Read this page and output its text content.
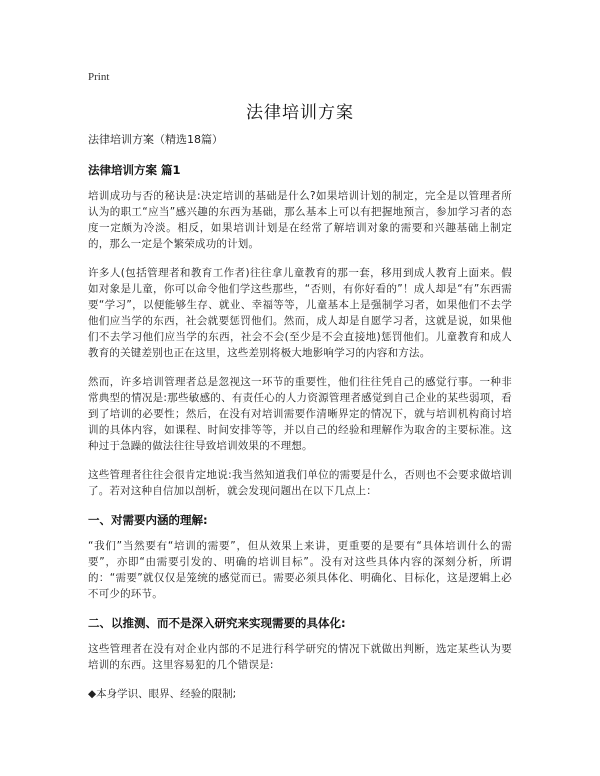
Print
法律培训方案

法律培训方案（精选18篇）

法律培训方案 篇1

培训成功与否的秘诀是:决定培训的基础是什么?如果培训计划的制定，完全是以管理者所认为的职工“应当”感兴趣的东西为基础，那么基本上可以有把握地预言，参加学习者的态度一定颇为冷淡。相反，如果培训计划是在经常了解培训对象的需要和兴趣基础上制定的，那么一定是个繁荣成功的计划。

许多人(包括管理者和教育工作者)往往拿儿童教育的那一套，移用到成人教育上面来。假如对象是儿童，你可以命令他们学这些那些，“否则，有你好看的”！成人却是“有”东西需要“学习”，以便能够生存、就业、幸福等等，儿童基本上是强制学习者，如果他们不去学他们应当学的东西，社会就要惩罚他们。然而，成人却是自愿学习者，这就是说，如果他们不去学习他们应当学的东西，社会不会(至少是不会直接地)惩罚他们。儿童教育和成人教育的关键差别也正在这里，这些差别将极大地影响学习的内容和方法。

然而，许多培训管理者总是忽视这一环节的重要性，他们往往凭自己的感觉行事。一种非常典型的情况是:那些敏感的、有责任心的人力资源管理者感觉到自己企业的某些弱项，看到了培训的必要性；然后，在没有对培训需要作清晰界定的情况下，就与培训机构商讨培训的具体内容，如课程、时间安排等等，并以自己的经验和理解作为取舍的主要标准。这种过于急躁的做法往往导致培训效果的不理想。

这些管理者往往会很肯定地说:我当然知道我们单位的需要是什么，否则也不会要求做培训了。若对这种自信加以剖析，就会发现问题出在以下几点上：

一、对需要内涵的理解:

“我们”当然要有“培训的需要”，但从效果上来讲，更重要的是要有“具体培训什么的需要”，亦即“由需要引发的、明确的培训目标”。没有对这些具体内容的深刻分析，所谓的：“需要”就仅仅是笼统的感觉而已。需要必须具体化、明确化、目标化，这是逻辑上必不可少的环节。

二、以推测、而不是深入研究来实现需要的具体化:

这些管理者在没有对企业内部的不足进行科学研究的情况下就做出判断，选定某些认为要培训的东西。这里容易犯的几个错误是:

◆本身学识、眼界、经验的限制;
